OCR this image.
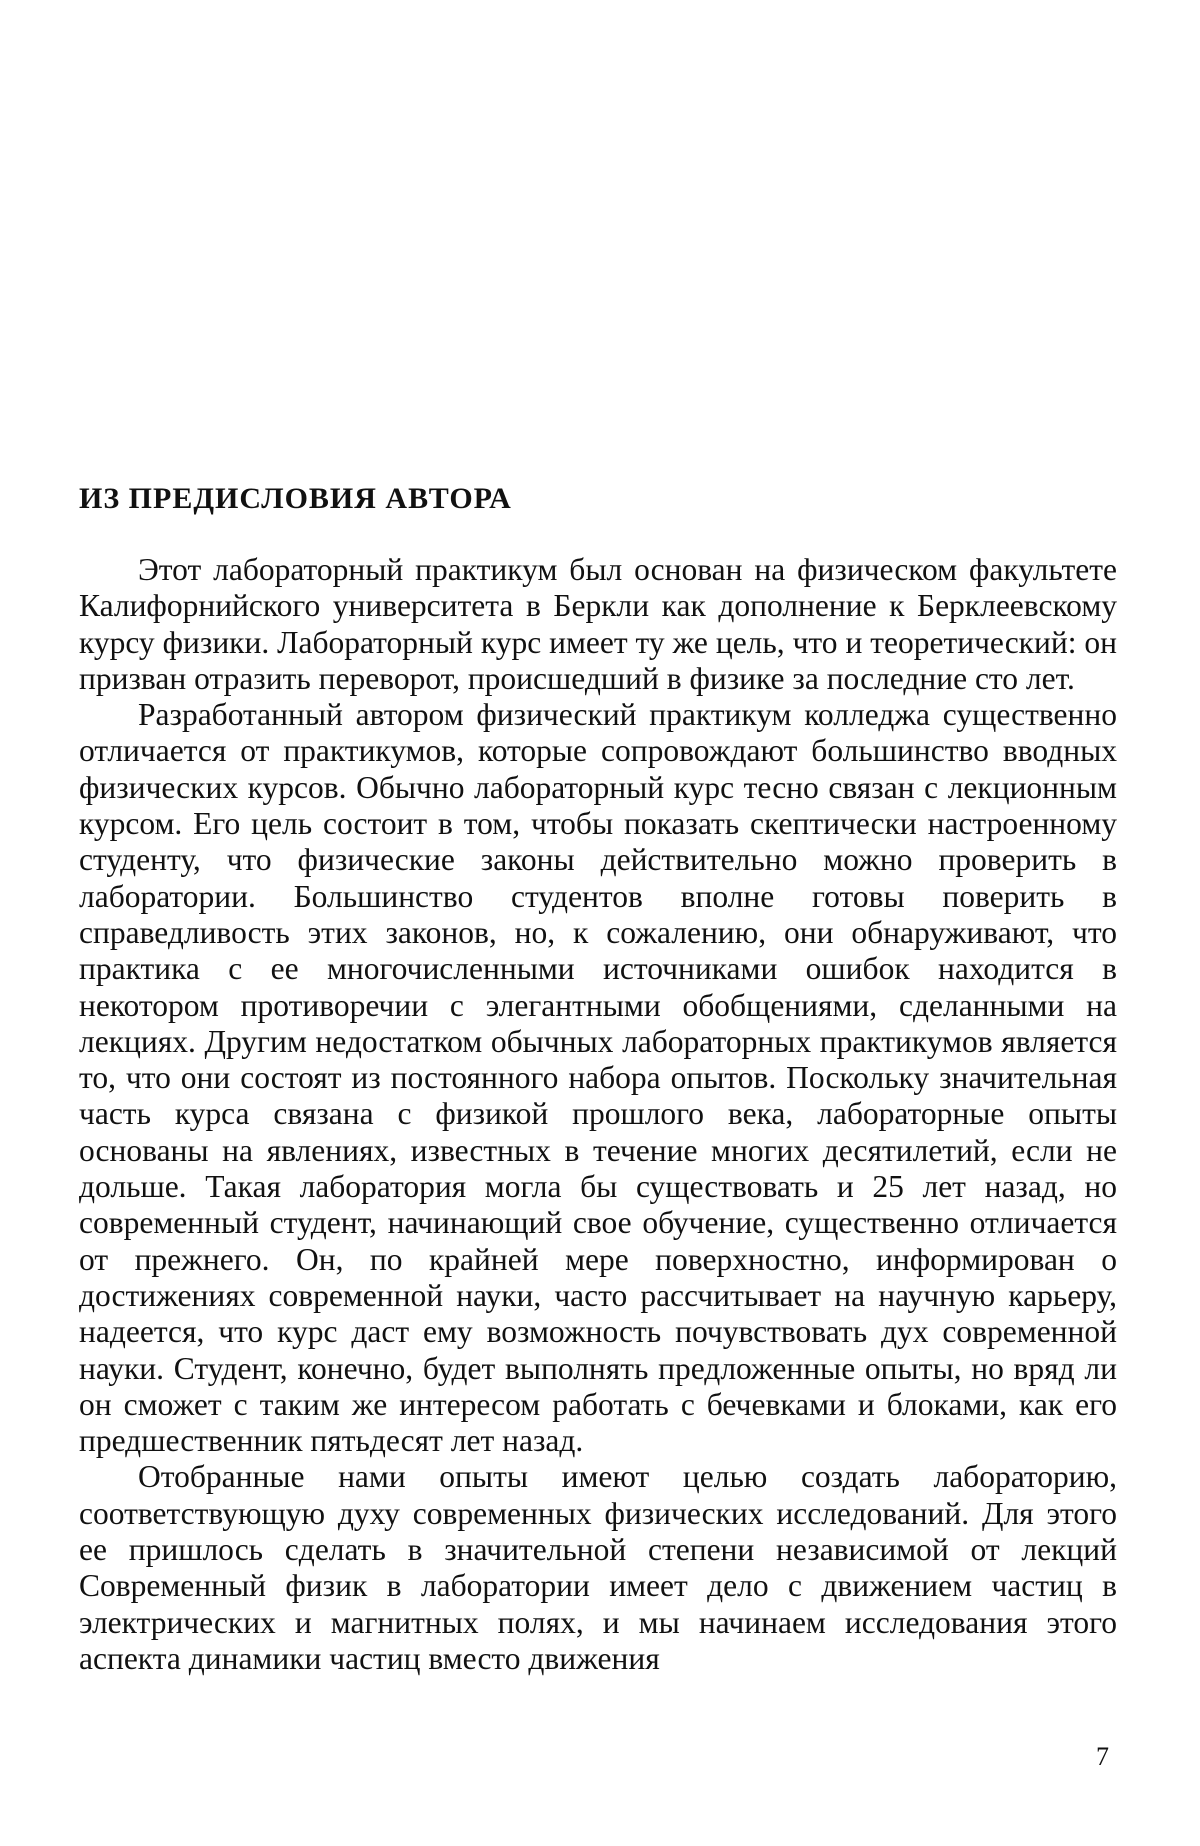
ИЗ ПРЕДИСЛОВИЯ АВТОРА

Этот лабораторный практикум был основан на физическом факультете Калифорнийского университета в Беркли как дополнение к Берклеевскому курсу физики. Лабораторный курс имеет ту же цель, что и теоретический: он призван отразить переворот, происшедший в физике за последние сто лет.

Разработанный автором физический практикум колледжа существенно отличается от практикумов, которые сопровождают большинство вводных физических курсов. Обычно лабораторный курс тесно связан с лекционным курсом. Его цель состоит в том, чтобы показать скептически настроенному студенту, что физические законы действительно можно проверить в лаборатории. Большинство студентов вполне готовы поверить в справедливость этих законов, но, к сожалению, они обнаруживают, что практика с ее многочисленными источниками ошибок находится в некотором противоречии с элегантными обобщениями, сделанными на лекциях. Другим недостатком обычных лабораторных практикумов является то, что они состоят из постоянного набора опытов. Поскольку значительная часть курса связана с физикой прошлого века, лабораторные опыты основаны на явлениях, известных в течение многих десятилетий, если не дольше. Такая лаборатория могла бы существовать и 25 лет назад, но современный студент, начинающий свое обучение, существенно отличается от прежнего. Он, по крайней мере поверхностно, информирован о достижениях современной науки, часто рассчитывает на научную карьеру, надеется, что курс даст ему возможность почувствовать дух современной науки. Студент, конечно, будет выполнять предложенные опыты, но вряд ли он сможет с таким же интересом работать с бечевками и блоками, как его предшественник пятьдесят лет назад.

Отобранные нами опыты имеют целью создать лабораторию, соответствующую духу современных физических исследований. Для этого ее пришлось сделать в значительной степени независимой от лекций Современный физик в лаборатории имеет дело с движением частиц в электрических и магнитных полях, и мы начинаем исследования этого аспекта динамики частиц вместо движения

7
